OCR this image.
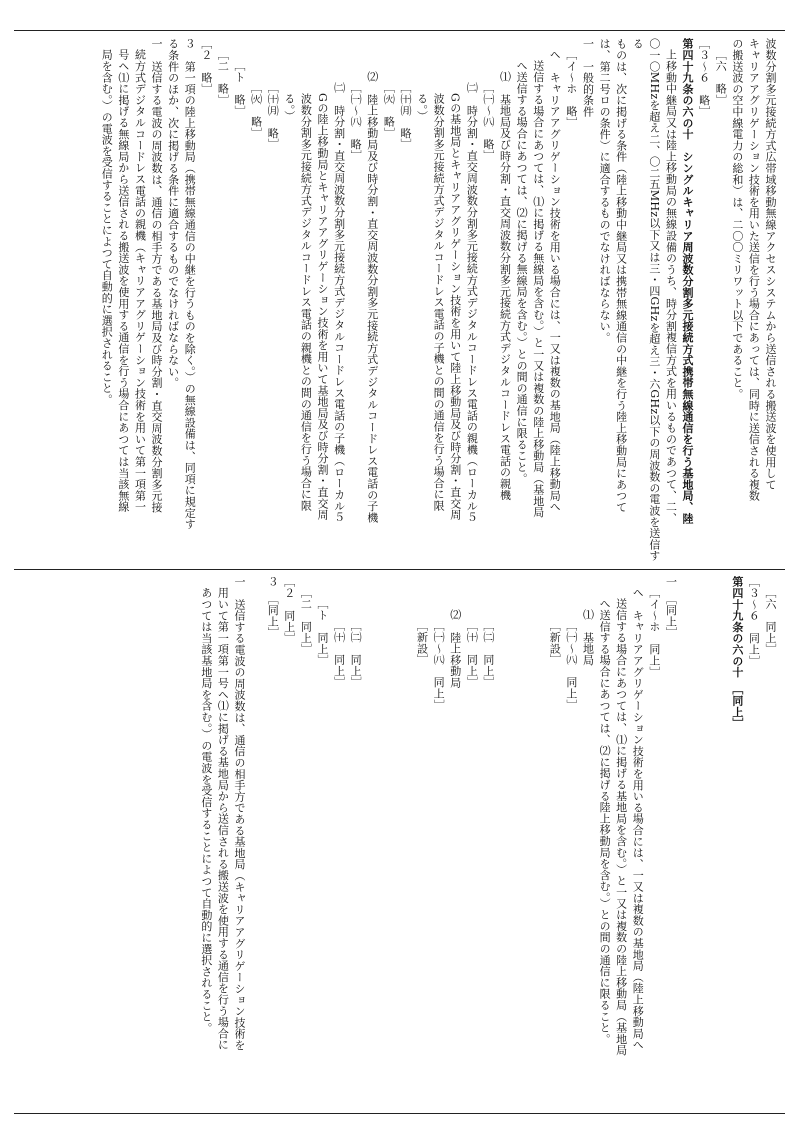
波数分割多元接続方式広帯域移動無線アクセスシステムから送信される搬送波を使用して

キャリアアグリゲーション技術を用いた送信を行う場合にあっては、同時に送信される複数

の搬送波の空中線電力の総和）は、二〇〇ミリワット以下であること。

［六　略］

［３～６　略］

第四十九条の六の十　シングルキャリア周波数分割多元接続方式携帯無線通信を行う基地局、陸

上移動中継局又は陸上移動局の無線設備のうち、時分割複信方式を用いるものであつて、二、

〇一〇MHzを超え二、〇二五MHz以下又は三・四GHzを超え三・六GHz以下の周波数の電波を送信する

ものは、次に掲げる条件（陸上移動中継局又は携帯無線通信の中継を行う陸上移動局にあつて

は、第二号ロの条件）に適合するものでなければならない。

一　一般的条件

［イ～ホ　略］

ヘ　キャリアアグリゲーション技術を用いる場合には、一又は複数の基地局（陸上移動局へ

送信する場合にあつては、⑴に掲げる無線局を含む。）と一又は複数の陸上移動局（基地局

へ送信する場合にあつては、⑵に掲げる無線局を含む。）との間の通信に限ること。

⑴　基地局及び時分割・直交周波数分割多元接続方式デジタルコードレス電話の親機

［㈠～㈧　略］

㈡　時分割・直交周波数分割多元接続方式デジタルコードレス電話の親機（ローカル５

Gの基地局とキャリアアグリゲーション技術を用いて陸上移動局及び時分割・直交周

波数分割多元接続方式デジタルコードレス電話の子機との間の通信を行う場合に限

る。）

［㈩㈪　略］

［㈫　略］

⑵　陸上移動局及び時分割・直交周波数分割多元接続方式デジタルコードレス電話の子機

［㈠～㈧　略］

㈡　時分割・直交周波数分割多元接続方式デジタルコードレス電話の子機（ローカル５

Gの陸上移動局とキャリアアグリゲーション技術を用いて基地局及び時分割・直交周

波数分割多元接続方式デジタルコードレス電話の親機との間の通信を行う場合に限

る。）

［㈩㈪　略］

［㈫　略］

［ト　略］

［二　略］

［２　略］

３　第一項の陸上移動局（携帯無線通信の中継を行うものを除く。）の無線設備は、同項に規定す

る条件のほか、次に掲げる条件に適合するものでなければならない。

一　送信する電波の周波数は、通信の相手方である基地局及び時分割・直交周波数分割多元接

続方式デジタルコードレス電話の親機（キャリアアグリゲーション技術を用いて第一項第一

号ヘ⑴に掲げる無線局から送信される搬送波を使用する通信を行う場合にあつては当該無線

局を含む。）の電波を受信することによつて自動的に選択されること。

［六　同上］

［３～６　同上］

第四十九条の六の十　［同上］

一　［同上］

［イ～ホ　同上］

ヘ　キャリアアグリゲーション技術を用いる場合には、一又は複数の基地局（陸上移動局へ

送信する場合にあつては、⑴に掲げる基地局を含む。）と一又は複数の陸上移動局（基地局

へ送信する場合にあつては、⑵に掲げる陸上移動局を含む。）との間の通信に限ること。

⑴　基地局

［㈠～㈧　同上］

［新設］

［㈡　同上］

［㈩　同上］

⑵　陸上移動局

［㈠～㈧　同上］

［新設］

［㈡　同上］

［㈩　同上］

［ト　同上］

［二　同上］

［２　同上］

３　［同上］

一　送信する電波の周波数は、通信の相手方である基地局（キャリアアグリゲーション技術を

用いて第一項第一号ヘ⑴に掲げる基地局から送信される搬送波を使用する通信を行う場合に

あつては当該基地局を含む。）の電波を受信することによつて自動的に選択されること。
